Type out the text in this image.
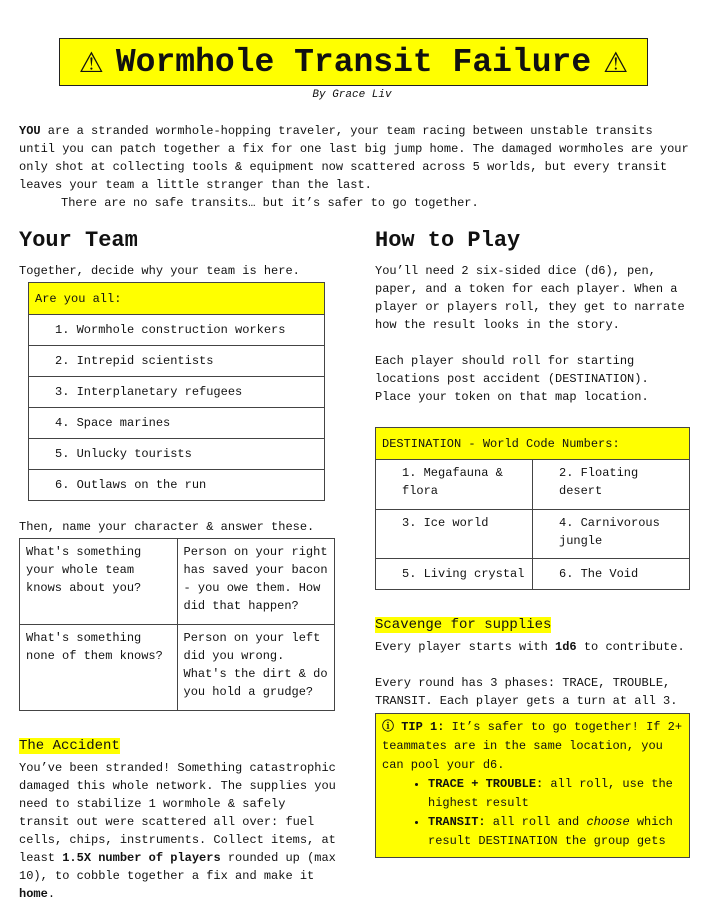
⚠ Wormhole Transit Failure ⚠
By Grace Liv

YOU are a stranded wormhole-hopping traveler, your team racing between unstable transits until you can patch together a fix for one last big jump home. The damaged wormholes are your only shot at collecting tools & equipment now scattered across 5 worlds, but every transit leaves your team a little stranger than the last.

There are no safe transits… but it’s safer to go together.

Your Team

Together, decide why your team is here.

Are you all:
1. Wormhole construction workers
2. Intrepid scientists
3. Interplanetary refugees
4. Space marines
5. Unlucky tourists
6. Outlaws on the run

Then, name your character & answer these.

What's something your whole team knows about you?	Person on your right has saved your bacon - you owe them. How did that happen?
What's something none of them knows?	Person on your left did you wrong. What's the dirt & do you hold a grudge?

The Accident

You’ve been stranded! Something catastrophic damaged this whole network. The supplies you need to stabilize 1 wormhole & safely transit out were scattered all over: fuel cells, chips, instruments. Collect items, at least 1.5X number of players rounded up (max 10), to cobble together a fix and make it home.

How to Play

You’ll need 2 six-sided dice (d6), pen, paper, and a token for each player. When a player or players roll, they get to narrate how the result looks in the story.

Each player should roll for starting locations post accident (DESTINATION). Place your token on that map location.

DESTINATION - World Code Numbers:	
1. Megafauna & flora	2. Floating desert
3. Ice world	4. Carnivorous jungle
5. Living crystal	6. The Void

Scavenge for supplies

Every player starts with 1d6 to contribute.

Every round has 3 phases: TRACE, TROUBLE, TRANSIT. Each player gets a turn at all 3.

ⓘ TIP 1: It’s safer to go together! If 2+ teammates are in the same location, you can pool your d6.
• TRACE + TROUBLE: all roll, use the highest result
• TRANSIT: all roll and choose which result DESTINATION the group gets
